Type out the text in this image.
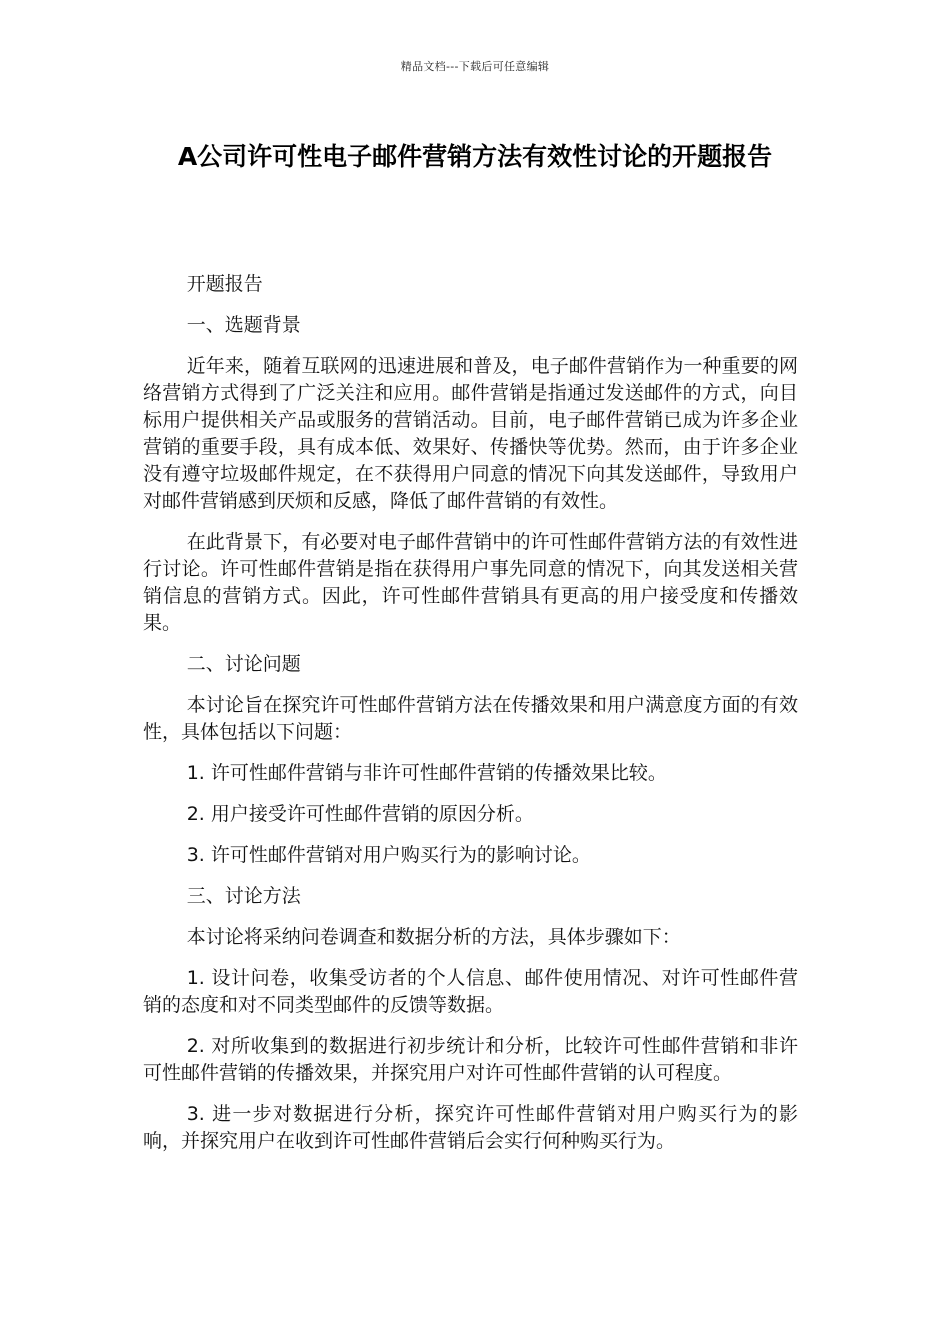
精品文档---下载后可任意编辑
A公司许可性电子邮件营销方法有效性讨论的开题报告

开题报告

一、选题背景

近年来，随着互联网的迅速进展和普及，电子邮件营销作为一种重要的网络营销方式得到了广泛关注和应用。邮件营销是指通过发送邮件的方式，向目标用户提供相关产品或服务的营销活动。目前，电子邮件营销已成为许多企业营销的重要手段，具有成本低、效果好、传播快等优势。然而，由于许多企业没有遵守垃圾邮件规定，在不获得用户同意的情况下向其发送邮件，导致用户对邮件营销感到厌烦和反感，降低了邮件营销的有效性。

在此背景下，有必要对电子邮件营销中的许可性邮件营销方法的有效性进行讨论。许可性邮件营销是指在获得用户事先同意的情况下，向其发送相关营销信息的营销方式。因此，许可性邮件营销具有更高的用户接受度和传播效果。

二、讨论问题

本讨论旨在探究许可性邮件营销方法在传播效果和用户满意度方面的有效性，具体包括以下问题：

1. 许可性邮件营销与非许可性邮件营销的传播效果比较。

2. 用户接受许可性邮件营销的原因分析。

3. 许可性邮件营销对用户购买行为的影响讨论。

三、讨论方法

本讨论将采纳问卷调查和数据分析的方法，具体步骤如下：

1. 设计问卷，收集受访者的个人信息、邮件使用情况、对许可性邮件营销的态度和对不同类型邮件的反馈等数据。

2. 对所收集到的数据进行初步统计和分析，比较许可性邮件营销和非许可性邮件营销的传播效果，并探究用户对许可性邮件营销的认可程度。

3. 进一步对数据进行分析，探究许可性邮件营销对用户购买行为的影响，并探究用户在收到许可性邮件营销后会实行何种购买行为。
